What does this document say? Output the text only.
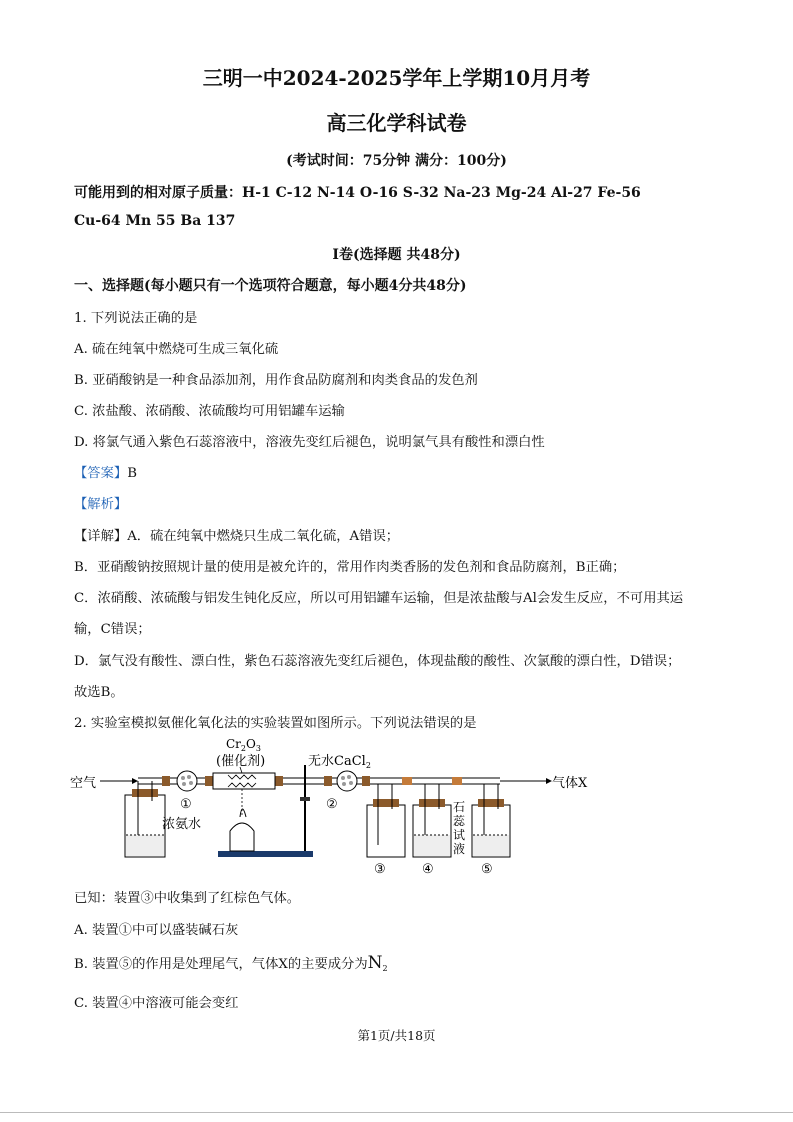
三明一中2024-2025学年上学期10月月考
高三化学科试卷
(考试时间：75分钟 满分：100分)
可能用到的相对原子质量：H-1 C-12 N-14 O-16 S-32 Na-23 Mg-24 Al-27 Fe-56
Cu-64 Mn 55 Ba 137
I卷(选择题 共48分)
一、选择题(每小题只有一个选项符合题意，每小题4分共48分)
1. 下列说法正确的是
A. 硫在纯氧中燃烧可生成三氧化硫
B. 亚硝酸钠是一种食品添加剂，用作食品防腐剂和肉类食品的发色剂
C. 浓盐酸、浓硝酸、浓硫酸均可用铝罐车运输
D. 将氯气通入紫色石蕊溶液中，溶液先变红后褪色，说明氯气具有酸性和漂白性
【答案】B
【解析】
【详解】A．硫在纯氧中燃烧只生成二氧化硫，A错误；
B．亚硝酸钠按照规计量的使用是被允许的，常用作肉类香肠的发色剂和食品防腐剂，B正确；
C．浓硝酸、浓硫酸与铝发生钝化反应，所以可用铝罐车运输，但是浓盐酸与Al会发生反应，不可用其运
输，C错误；
D．氯气没有酸性、漂白性，紫色石蕊溶液先变红后褪色，体现盐酸的酸性、次氯酸的漂白性，D错误；
故选B。
2. 实验室模拟氨催化氧化法的实验装置如图所示。下列说法错误的是
空气	气体X
$Cr_2O_3$
(催化剂)	无水CaCl$_2$
浓氨水
①	②
③	④	⑤
石
蕊
试
液
已知：装置③中收集到了红棕色气体。
A. 装置①中可以盛装碱石灰
B. 装置⑤的作用是处理尾气，气体X的主要成分为$N_2$
C. 装置④中溶液可能会变红
第1页/共18页
